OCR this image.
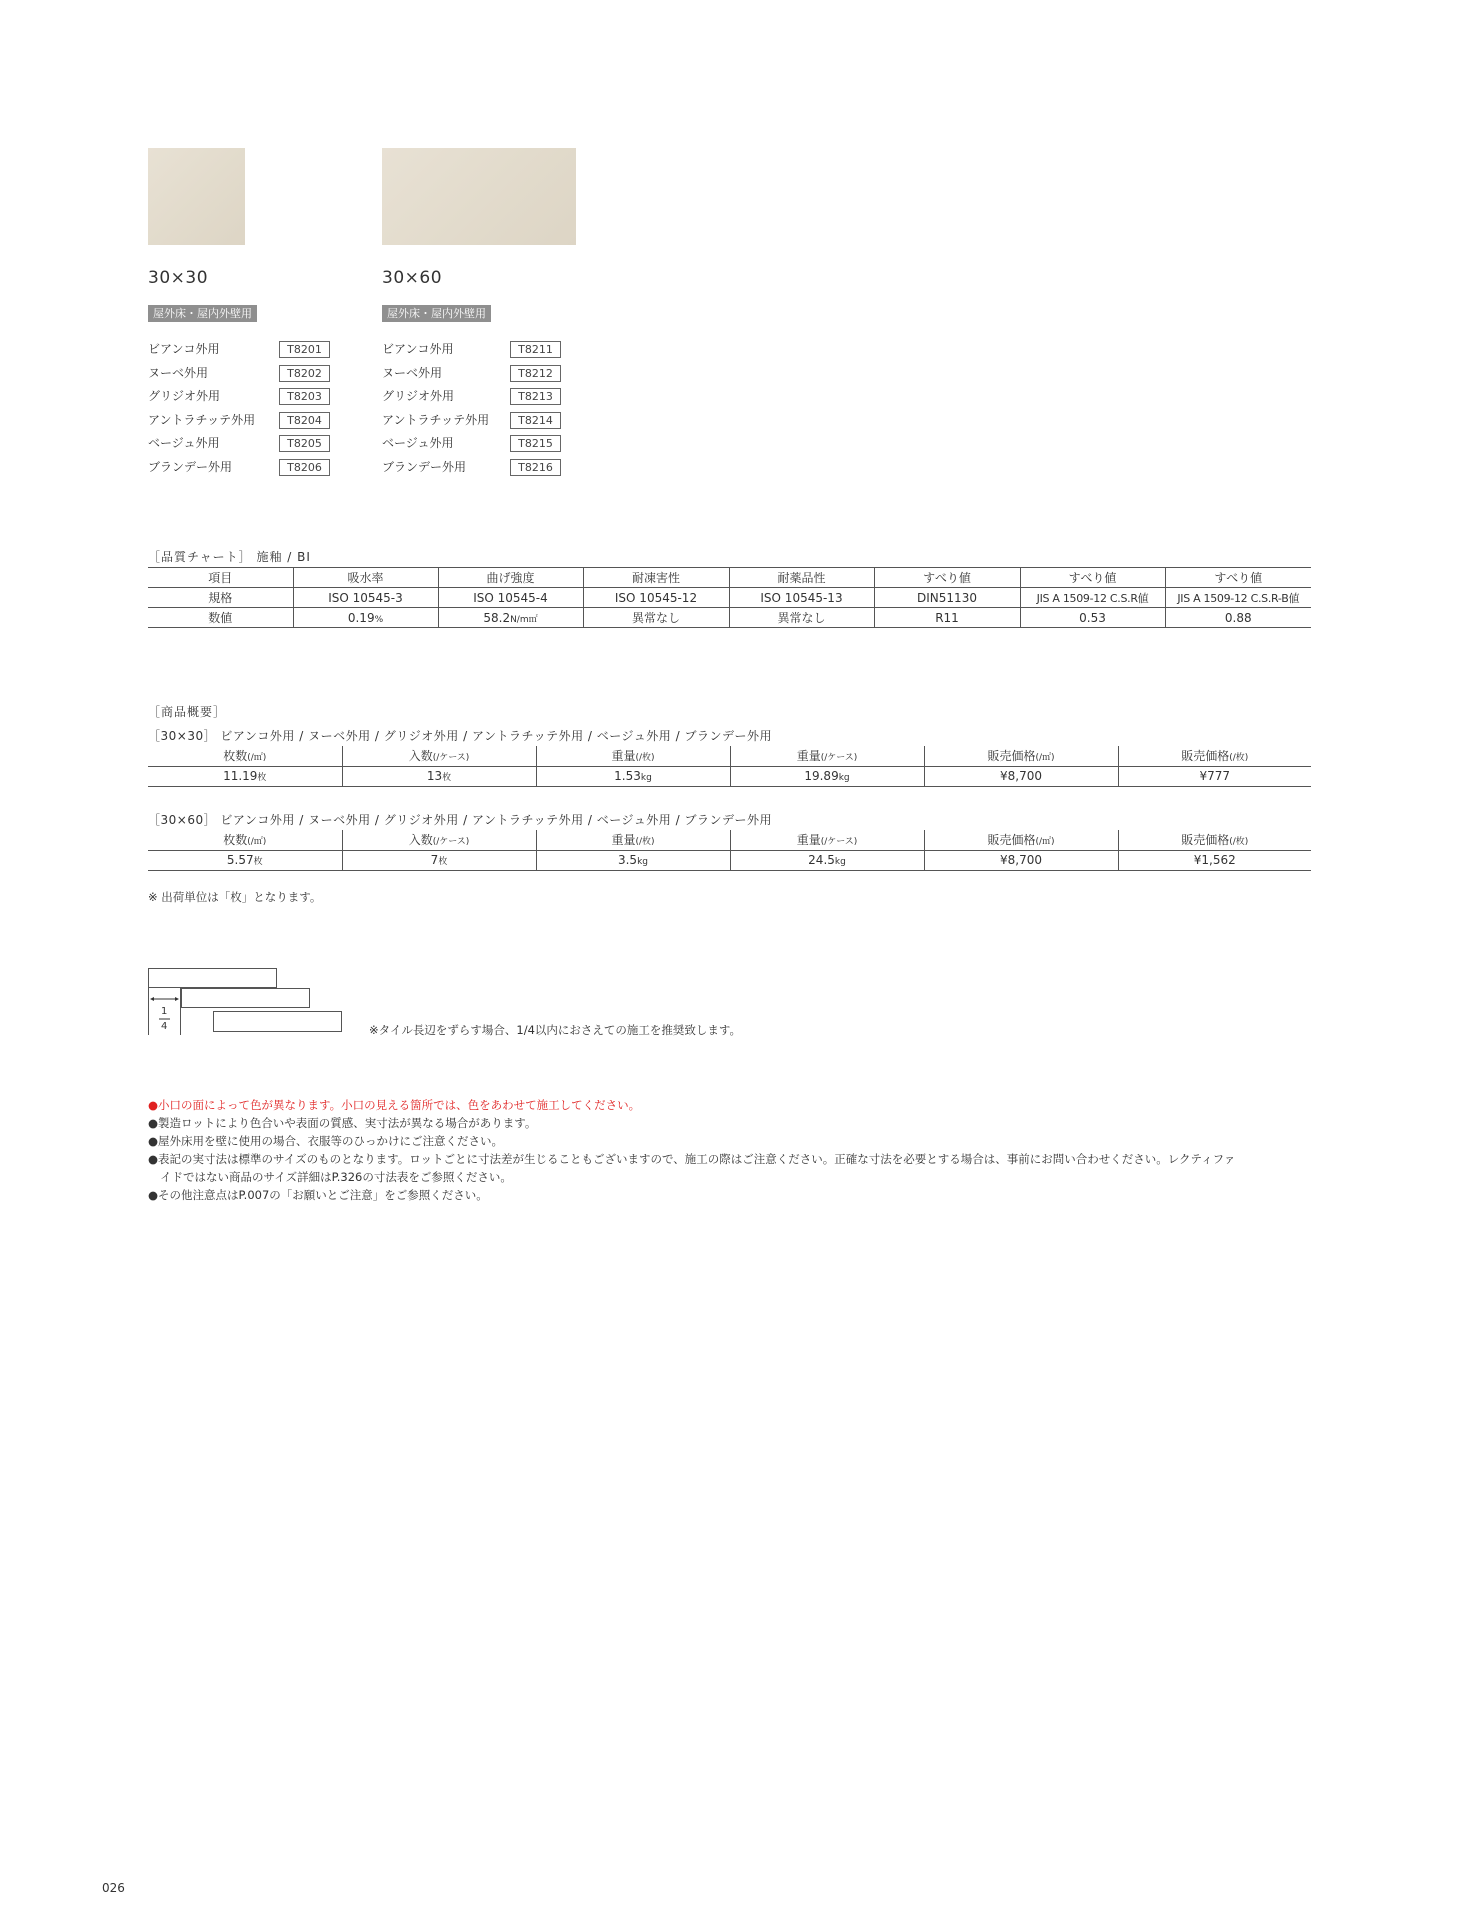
30×30	30×60
屋外床・屋内外壁用	屋外床・屋内外壁用
ビアンコ外用	T8201
ヌーベ外用	T8202
グリジオ外用	T8203
アントラチッテ外用	T8204
ベージュ外用	T8205
ブランデー外用	T8206
ビアンコ外用	T8211
ヌーベ外用	T8212
グリジオ外用	T8213
アントラチッテ外用	T8214
ベージュ外用	T8215
ブランデー外用	T8216
［品質チャート］ 施釉 / BⅠ
項目	吸水率	曲げ強度	耐凍害性	耐薬品性	すべり値	すべり値	すべり値
規格	ISO 10545-3	ISO 10545-4	ISO 10545-12	ISO 10545-13	DIN51130	JIS A 1509-12 C.S.R値	JIS A 1509-12 C.S.R-B値
数値	0.19%	58.2N/m㎡	異常なし	異常なし	R11	0.53	0.88
［商品概要］
［30×30］ ビアンコ外用 / ヌーベ外用 / グリジオ外用 / アントラチッテ外用 / ベージュ外用 / ブランデー外用
枚数(/㎡)	入数(/ケース)	重量(/枚)	重量(/ケース)	販売価格(/㎡)	販売価格(/枚)
11.19枚	13枚	1.53kg	19.89kg	¥8,700	¥777
［30×60］ ビアンコ外用 / ヌーベ外用 / グリジオ外用 / アントラチッテ外用 / ベージュ外用 / ブランデー外用
枚数(/㎡)	入数(/ケース)	重量(/枚)	重量(/ケース)	販売価格(/㎡)	販売価格(/枚)
5.57枚	7枚	3.5kg	24.5kg	¥8,700	¥1,562
※ 出荷単位は「枚」となります。
1
4	※タイル長辺をずらす場合、1/4以内におさえての施工を推奨致します。
●小口の面によって色が異なります。小口の見える箇所では、色をあわせて施工してください。
●製造ロットにより色合いや表面の質感、実寸法が異なる場合があります。
●屋外床用を壁に使用の場合、衣服等のひっかけにご注意ください。
●表記の実寸法は標準のサイズのものとなります。ロットごとに寸法差が生じることもございますので、施工の際はご注意ください。正確な寸法を必要とする場合は、事前にお問い合わせください。レクティファ
イドではない商品のサイズ詳細はP.326の寸法表をご参照ください。
●その他注意点はP.007の「お願いとご注意」をご参照ください。
026
